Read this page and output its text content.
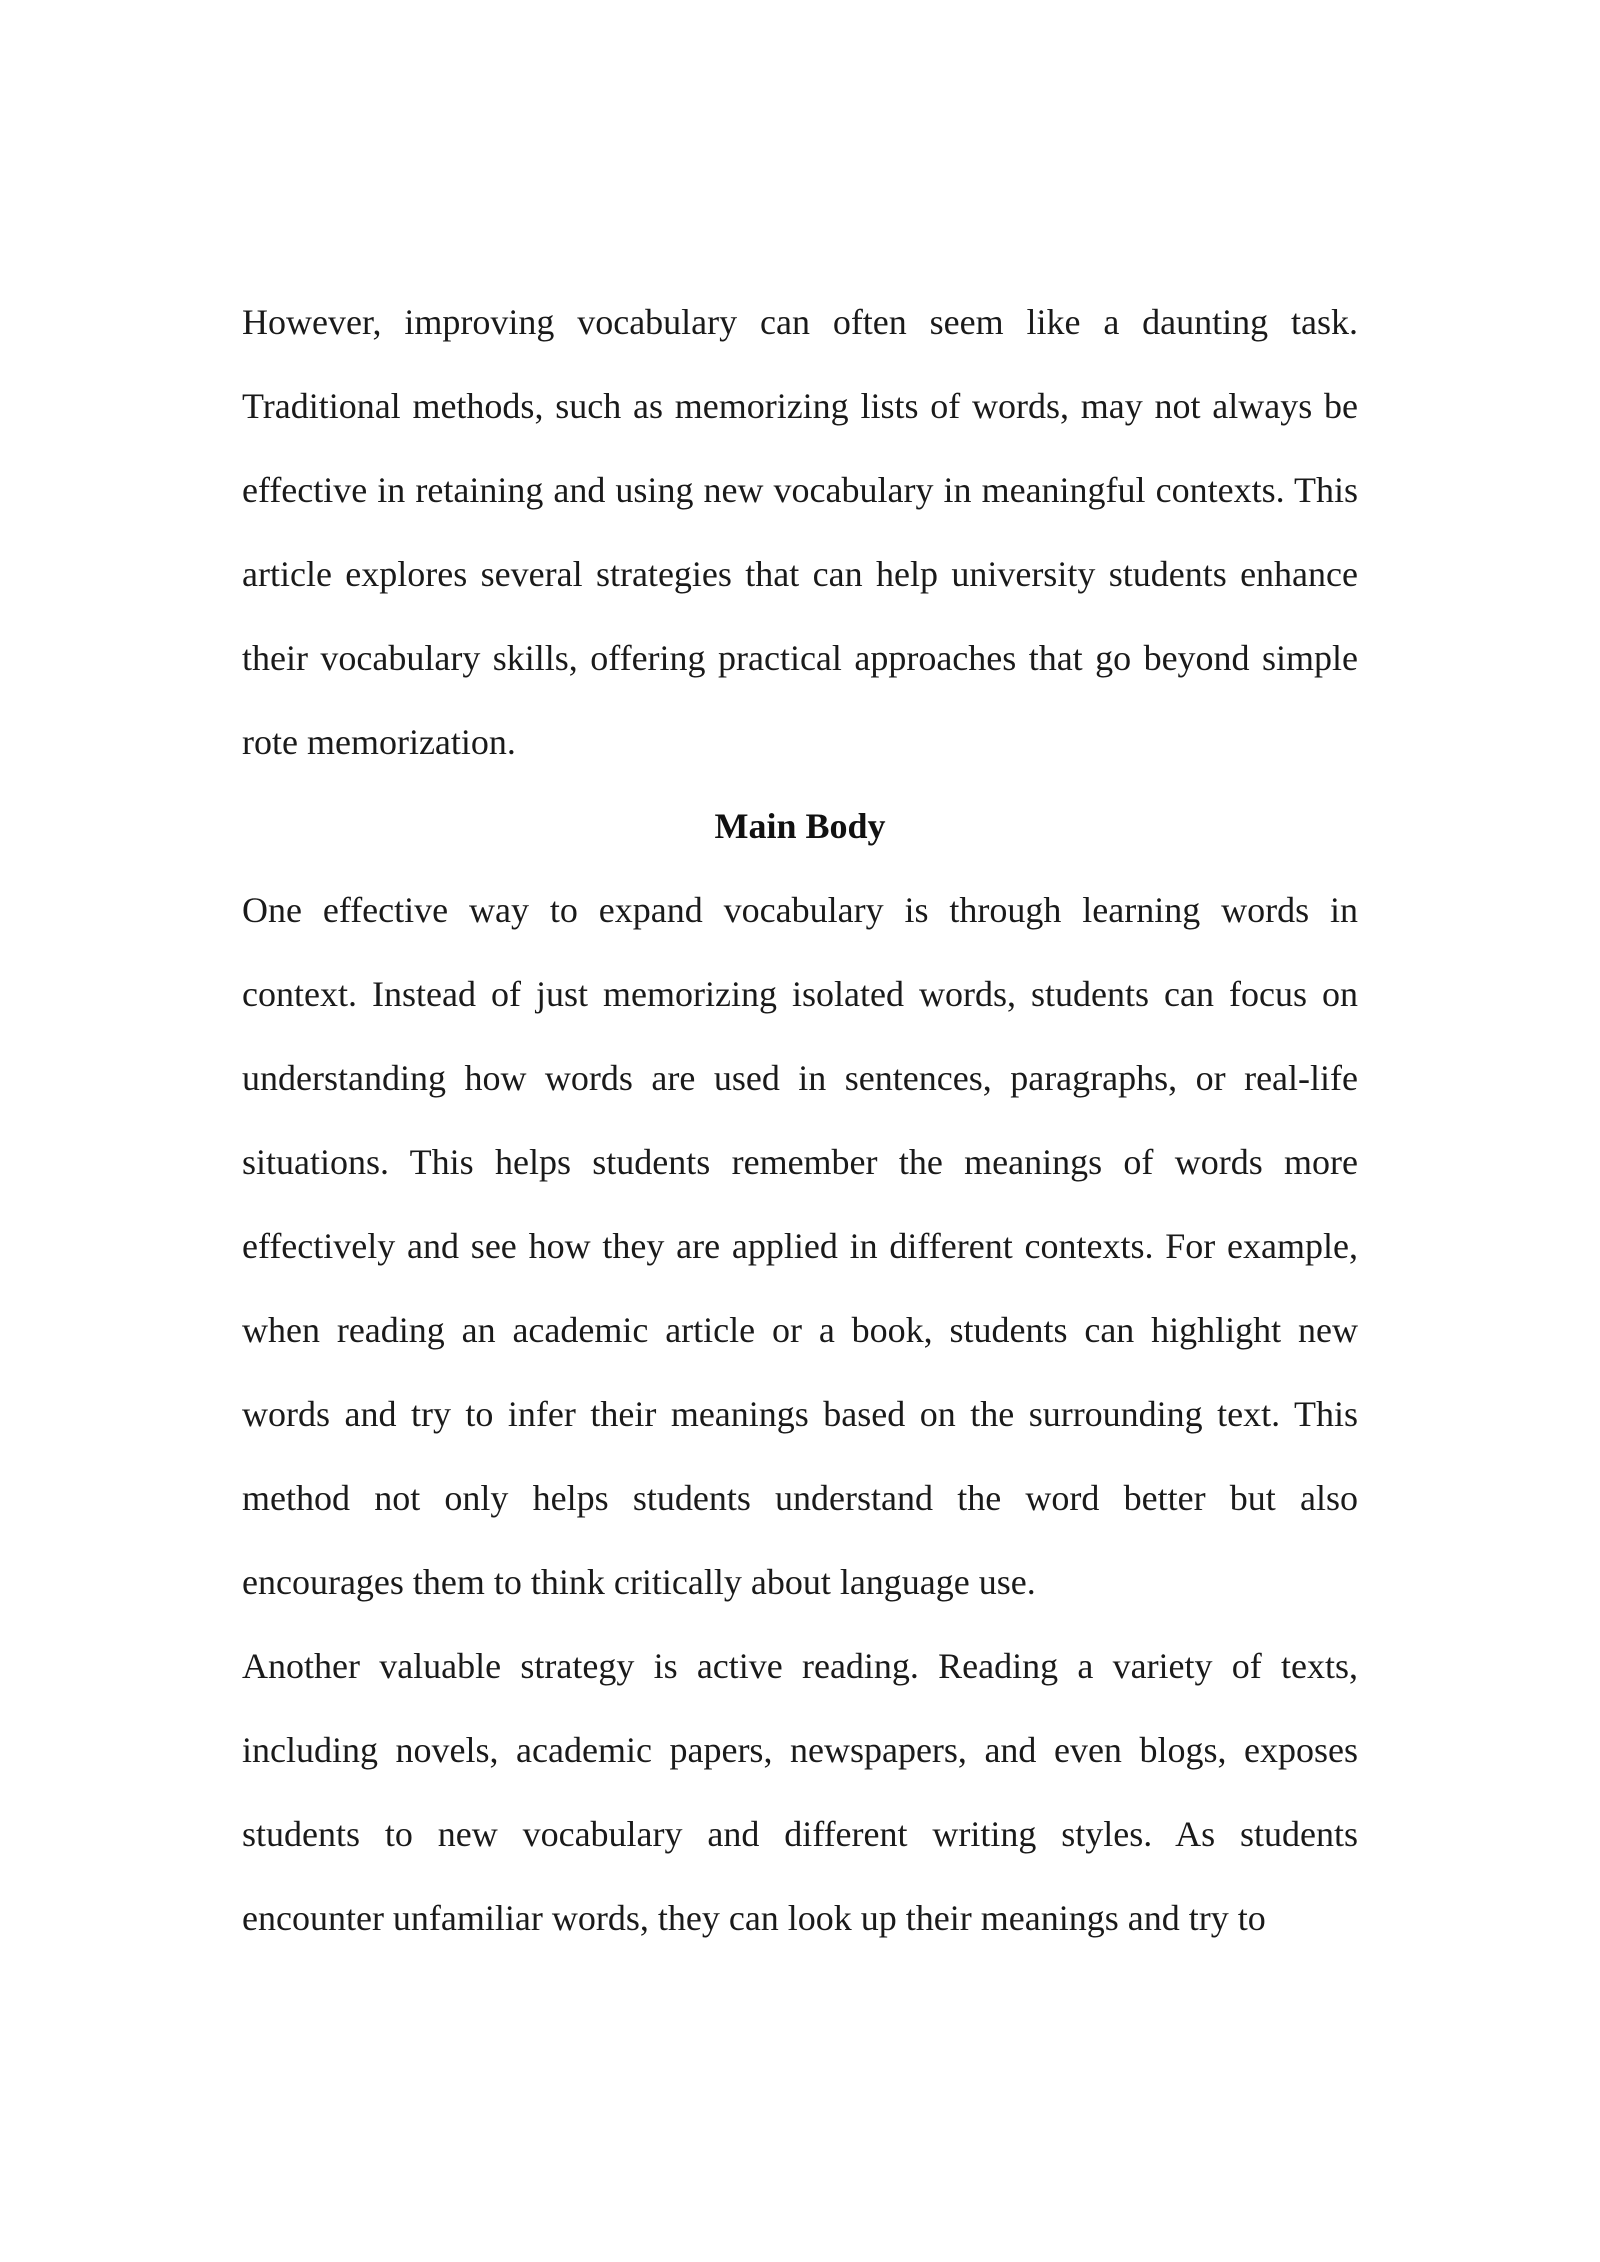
However, improving vocabulary can often seem like a daunting task. Traditional methods, such as memorizing lists of words, may not always be effective in retaining and using new vocabulary in meaningful contexts. This article explores several strategies that can help university students enhance their vocabulary skills, offering practical approaches that go beyond simple rote memorization.

Main Body

One effective way to expand vocabulary is through learning words in context. Instead of just memorizing isolated words, students can focus on understanding how words are used in sentences, paragraphs, or real-life situations. This helps students remember the meanings of words more effectively and see how they are applied in different contexts. For example, when reading an academic article or a book, students can highlight new words and try to infer their meanings based on the surrounding text. This method not only helps students understand the word better but also encourages them to think critically about language use.

Another valuable strategy is active reading. Reading a variety of texts, including novels, academic papers, newspapers, and even blogs, exposes students to new vocabulary and different writing styles. As students encounter unfamiliar words, they can look up their meanings and try to
